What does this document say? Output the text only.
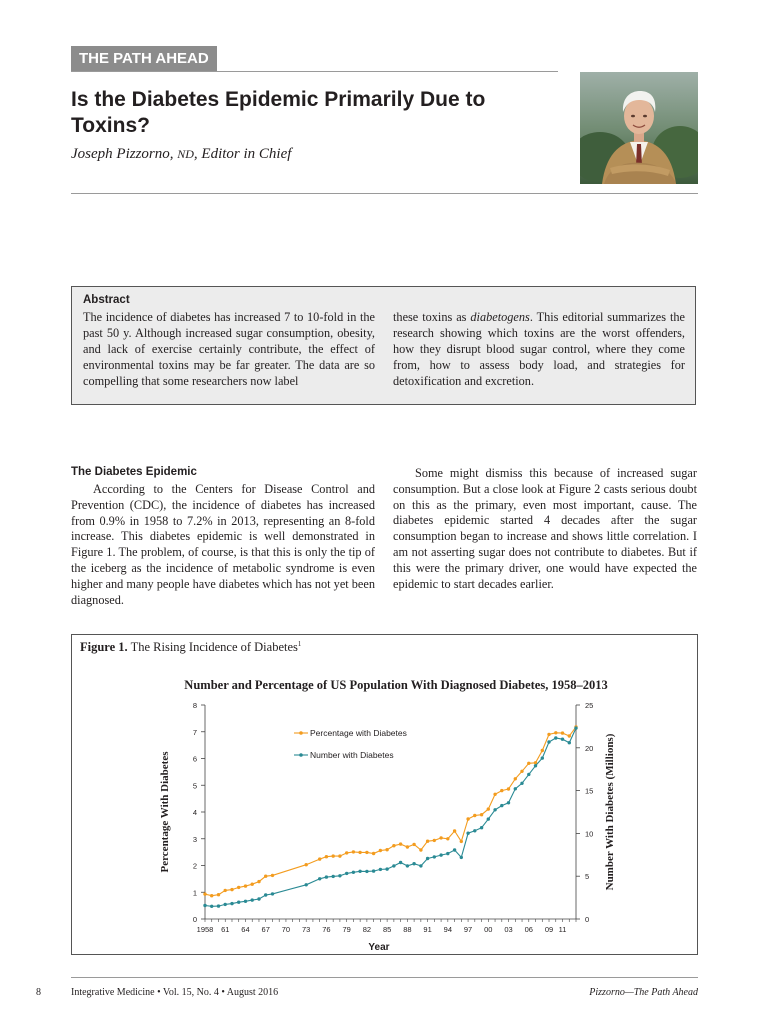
THE PATH AHEAD
Is the Diabetes Epidemic Primarily Due to Toxins?
Joseph Pizzorno, ND, Editor in Chief
Abstract
The incidence of diabetes has increased 7 to 10-fold in the past 50 y. Although increased sugar consumption, obesity, and lack of exercise certainly contribute, the effect of environmental toxins may be far greater. The data are so compelling that some researchers now label
these toxins as diabetogens. This editorial summarizes the research showing which toxins are the worst offenders, how they disrupt blood sugar control, where they come from, how to assess body load, and strategies for detoxification and excretion.
The Diabetes Epidemic
According to the Centers for Disease Control and Prevention (CDC), the incidence of diabetes has increased from 0.9% in 1958 to 7.2% in 2013, representing an 8-fold increase. This diabetes epidemic is well demonstrated in Figure 1. The problem, of course, is that this is only the tip of the iceberg as the incidence of metabolic syndrome is even higher and many people have diabetes which has not yet been diagnosed.
Some might dismiss this because of increased sugar consumption. But a close look at Figure 2 casts serious doubt on this as the primary, even most important, cause. The diabetes epidemic started 4 decades after the sugar consumption began to increase and shows little correlation. I am not asserting sugar does not contribute to diabetes. But if this were the primary driver, one would have expected the epidemic to start decades earlier.
Figure 1. The Rising Incidence of Diabetes$^1$
Number and Percentage of US Population With Diagnosed Diabetes, 1958–2013
Percentage With Diabetes	Number With Diabetes (Millions)
Year
0
1
2
3
4
5
6
7
8
0
5
10
15
20
25
1958 61 64 67 70 73 76 79 82 85 88 91 94 97 00 03 06 09 11
Percentage with Diabetes
Number with Diabetes
8	Integrative Medicine • Vol. 15, No. 4 • August 2016	Pizzorno—The Path Ahead
